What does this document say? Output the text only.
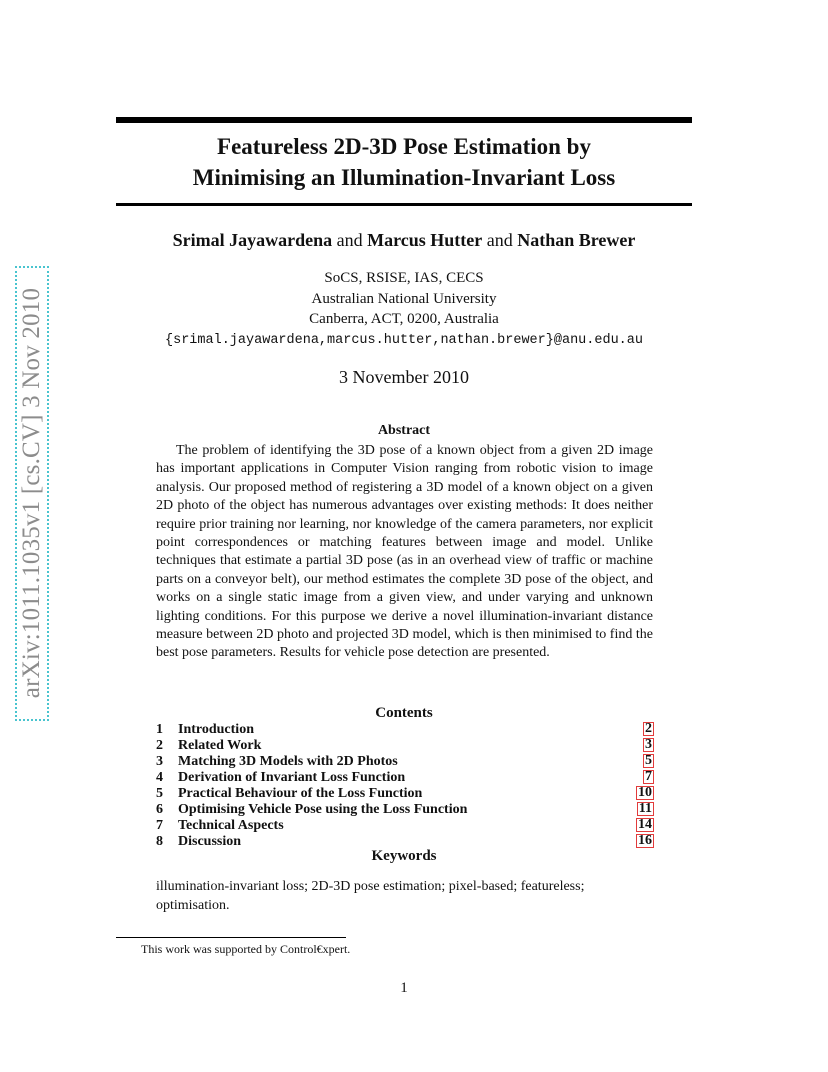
arXiv:1011.1035v1 [cs.CV] 3 Nov 2010
Featureless 2D-3D Pose Estimation by
Minimising an Illumination-Invariant Loss
Srimal Jayawardena and Marcus Hutter and Nathan Brewer
SoCS, RSISE, IAS, CECS
Australian National University
Canberra, ACT, 0200, Australia
{srimal.jayawardena,marcus.hutter,nathan.brewer}@anu.edu.au
3 November 2010
Abstract
The problem of identifying the 3D pose of a known object from a given 2D image has important applications in Computer Vision ranging from robotic vision to image analysis. Our proposed method of registering a 3D model of a known object on a given 2D photo of the object has numerous advantages over existing methods: It does neither require prior training nor learning, nor knowledge of the camera parameters, nor explicit point correspondences or matching features between image and model. Unlike techniques that estimate a partial 3D pose (as in an overhead view of traffic or machine parts on a conveyor belt), our method estimates the complete 3D pose of the object, and works on a single static image from a given view, and under varying and unknown lighting conditions. For this purpose we derive a novel illumination-invariant distance measure between 2D photo and projected 3D model, which is then minimised to find the best pose parameters. Results for vehicle pose detection are presented.
Contents
1	Introduction	2
2	Related Work	3
3	Matching 3D Models with 2D Photos	5
4	Derivation of Invariant Loss Function	7
5	Practical Behaviour of the Loss Function	10
6	Optimising Vehicle Pose using the Loss Function	11
7	Technical Aspects	14
8	Discussion	16
Keywords
illumination-invariant loss; 2D-3D pose estimation; pixel-based; featureless; optimisation.
This work was supported by Control€xpert.
1
